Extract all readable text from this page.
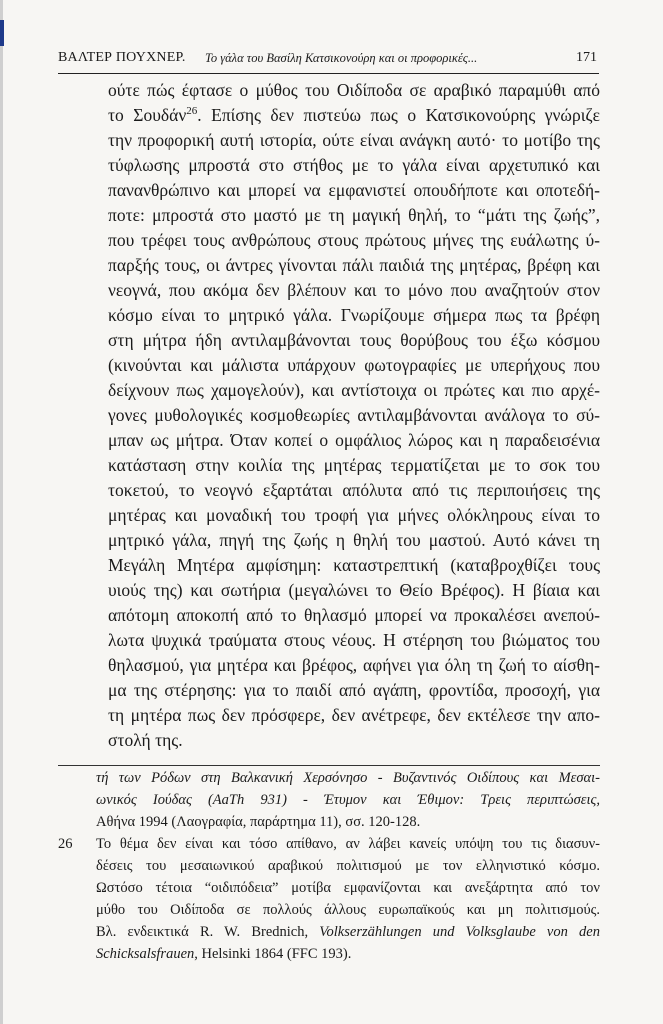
ΒΑΛΤΕΡ ΠΟΥΧΝΕΡ. Το γάλα του Βασίλη Κατσικονούρη και οι προφορικές...	171
ούτε πώς έφτασε ο μύθος του Οιδίποδα σε αραβικό παραμύθι από
το Σουδάν$^{26}$. Επίσης δεν πιστεύω πως ο Κατσικονούρης γνώριζε
την προφορική αυτή ιστορία, ούτε είναι ανάγκη αυτό· το μοτίβο της
τύφλωσης μπροστά στο στήθος με το γάλα είναι αρχετυπικό και
πανανθρώπινο και μπορεί να εμφανιστεί οπουδήποτε και οποτεδή-
ποτε: μπροστά στο μαστό με τη μαγική θηλή, το “μάτι της ζωής”,
που τρέφει τους ανθρώπους στους πρώτους μήνες της ευάλωτης ύ-
παρξής τους, οι άντρες γίνονται πάλι παιδιά της μητέρας, βρέφη και
νεογνά, που ακόμα δεν βλέπουν και το μόνο που αναζητούν στον
κόσμο είναι το μητρικό γάλα. Γνωρίζουμε σήμερα πως τα βρέφη
στη μήτρα ήδη αντιλαμβάνονται τους θορύβους του έξω κόσμου
(κινούνται και μάλιστα υπάρχουν φωτογραφίες με υπερήχους που
δείχνουν πως χαμογελούν), και αντίστοιχα οι πρώτες και πιο αρχέ-
γονες μυθολογικές κοσμοθεωρίες αντιλαμβάνονται ανάλογα το σύ-
μπαν ως μήτρα. Όταν κοπεί ο ομφάλιος λώρος και η παραδεισένια
κατάσταση στην κοιλία της μητέρας τερματίζεται με το σοκ του
τοκετού, το νεογνό εξαρτάται απόλυτα από τις περιποιήσεις της
μητέρας και μοναδική του τροφή για μήνες ολόκληρους είναι το
μητρικό γάλα, πηγή της ζωής η θηλή του μαστού. Αυτό κάνει τη
Μεγάλη Μητέρα αμφίσημη: καταστρεπτική (καταβροχθίζει τους
υιούς της) και σωτήρια (μεγαλώνει το Θείο Βρέφος). Η βίαια και
απότομη αποκοπή από το θηλασμό μπορεί να προκαλέσει ανεπού-
λωτα ψυχικά τραύματα στους νέους. Η στέρηση του βιώματος του
θηλασμού, για μητέρα και βρέφος, αφήνει για όλη τη ζωή το αίσθη-
μα της στέρησης: για το παιδί από αγάπη, φροντίδα, προσοχή, για
τη μητέρα πως δεν πρόσφερε, δεν ανέτρεφε, δεν εκτέλεσε την απο-
στολή της.
τή των Ρόδων στη Βαλκανική Χερσόνησο - Βυζαντινός Οιδίπους και Μεσαι-
ωνικός Ιούδας (AaTh 931) - Έτυμον και Έθιμον: Τρεις περιπτώσεις,
Αθήνα 1994 (Λαογραφία, παράρτημα 11), σσ. 120-128.
26 Το θέμα δεν είναι και τόσο απίθανο, αν λάβει κανείς υπόψη του τις διασυν-
δέσεις του μεσαιωνικού αραβικού πολιτισμού με τον ελληνιστικό κόσμο.
Ωστόσο τέτοια “οιδιπόδεια” μοτίβα εμφανίζονται και ανεξάρτητα από τον
μύθο του Οιδίποδα σε πολλούς άλλους ευρωπαϊκούς και μη πολιτισμούς.
Βλ. ενδεικτικά R. W. Brednich, Volkserzählungen und Volksglaube von den
Schicksalsfrauen, Helsinki 1864 (FFC 193).
